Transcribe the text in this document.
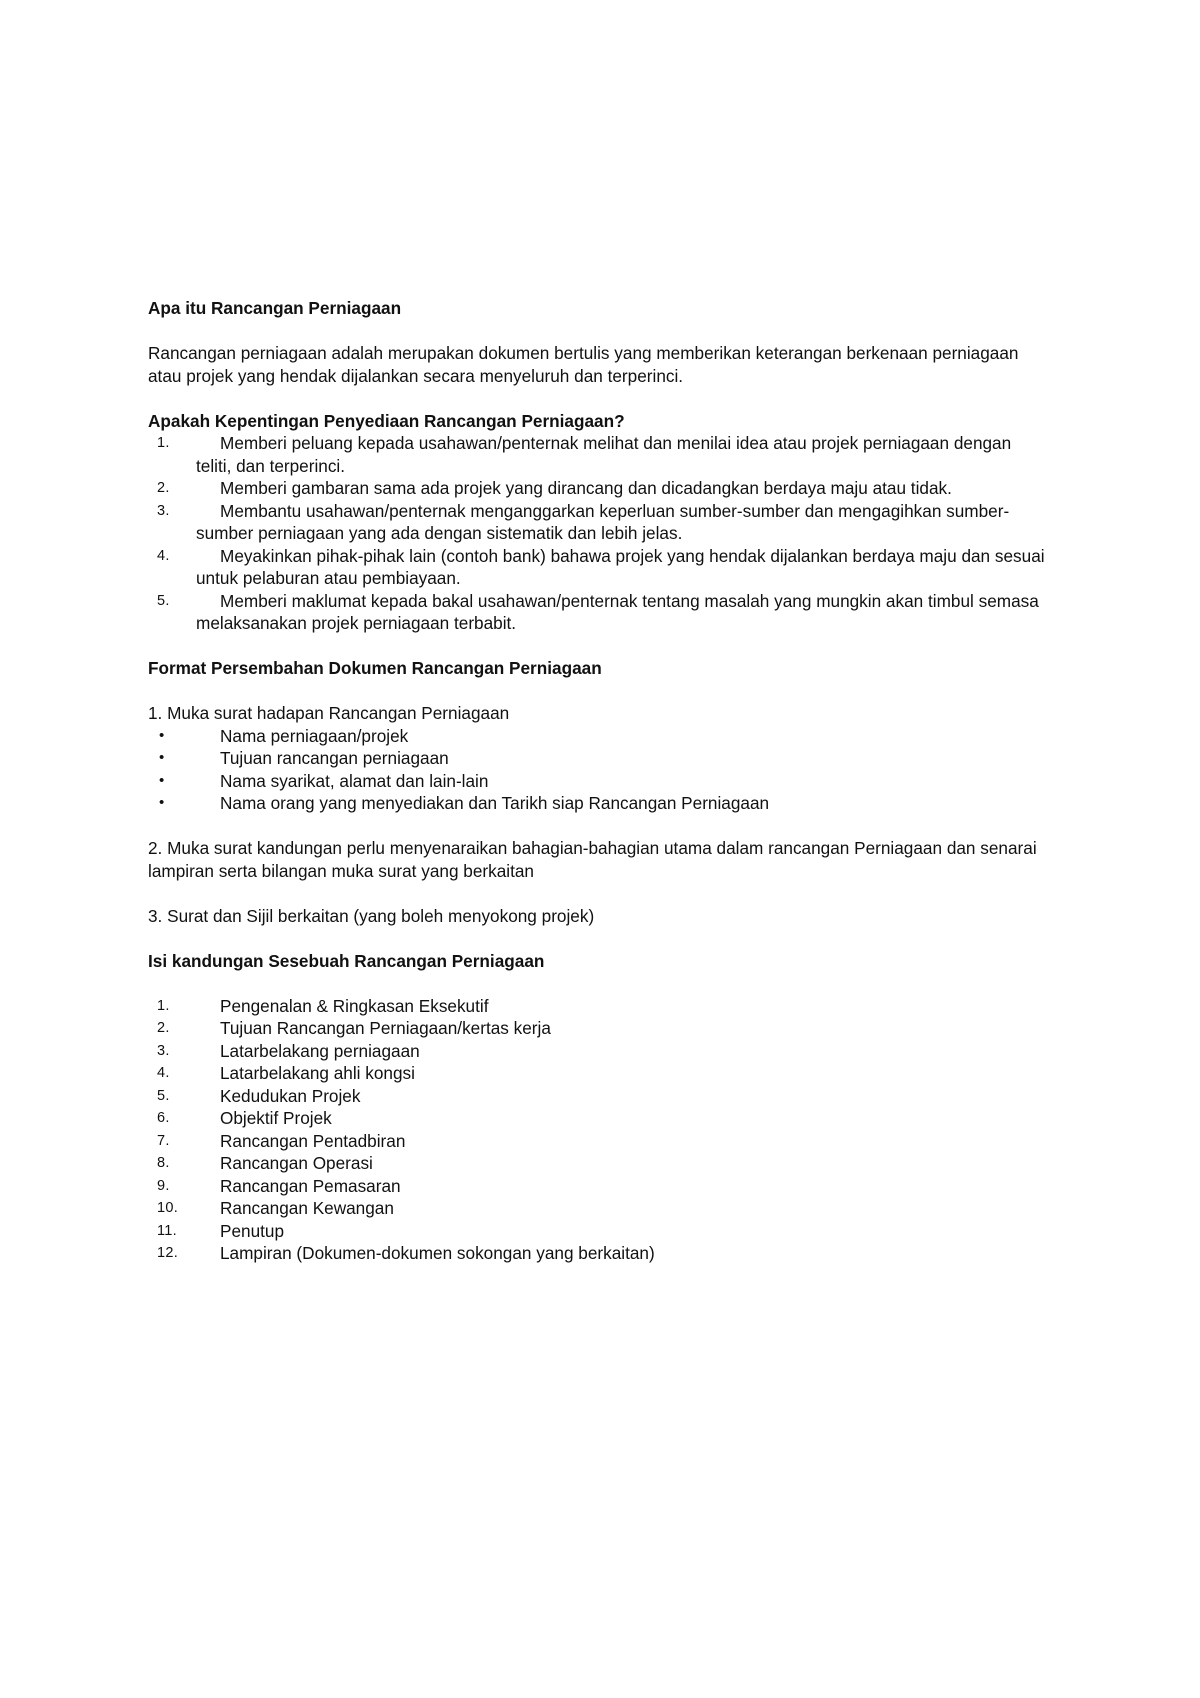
Apa itu Rancangan Perniagaan

Rancangan perniagaan adalah merupakan dokumen bertulis yang memberikan keterangan berkenaan perniagaan atau projek yang hendak dijalankan secara menyeluruh dan terperinci.

Apakah Kepentingan Penyediaan Rancangan Perniagaan?

1.	Memberi peluang kepada usahawan/penternak melihat dan menilai idea atau projek perniagaan dengan teliti, dan terperinci.
2.	Memberi gambaran sama ada projek yang dirancang dan dicadangkan berdaya maju atau tidak.
3.	Membantu usahawan/penternak menganggarkan keperluan sumber-sumber dan mengagihkan sumber-sumber perniagaan yang ada dengan sistematik dan lebih jelas.
4.	Meyakinkan pihak-pihak lain (contoh bank) bahawa projek yang hendak dijalankan berdaya maju dan sesuai untuk pelaburan atau pembiayaan.
5.	Memberi maklumat kepada bakal usahawan/penternak tentang masalah yang mungkin akan timbul semasa melaksanakan projek perniagaan terbabit.

Format Persembahan Dokumen Rancangan Perniagaan

1. Muka surat hadapan Rancangan Perniagaan

•	Nama perniagaan/projek
•	Tujuan rancangan perniagaan
•	Nama syarikat, alamat dan lain-lain
•	Nama orang yang menyediakan dan Tarikh siap Rancangan Perniagaan

2. Muka surat kandungan perlu menyenaraikan bahagian-bahagian utama dalam rancangan Perniagaan dan senarai lampiran serta bilangan muka surat yang berkaitan

3. Surat dan Sijil berkaitan (yang boleh menyokong projek)

Isi kandungan Sesebuah Rancangan Perniagaan

1.	Pengenalan & Ringkasan Eksekutif
2.	Tujuan Rancangan Perniagaan/kertas kerja
3.	Latarbelakang perniagaan
4.	Latarbelakang ahli kongsi
5.	Kedudukan Projek
6.	Objektif Projek
7.	Rancangan Pentadbiran
8.	Rancangan Operasi
9.	Rancangan Pemasaran
10.	Rancangan Kewangan
11.	Penutup
12.	Lampiran (Dokumen-dokumen sokongan yang berkaitan)
